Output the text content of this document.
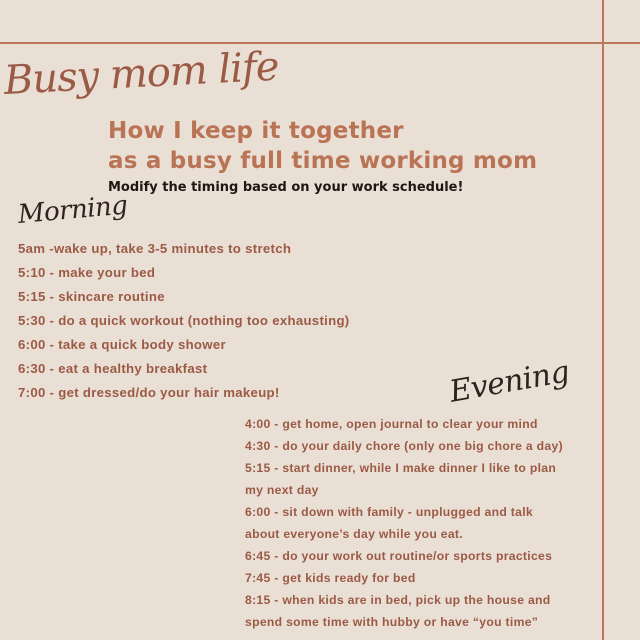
Busy mom life
How I keep it together
as a busy full time working mom
Modify the timing based on your work schedule!
Morning
5am -wake up, take 3-5 minutes to stretch
5:10 - make your bed
5:15 - skincare routine
5:30 - do a quick workout (nothing too exhausting)
6:00 - take a quick body shower
6:30 - eat a healthy breakfast
7:00 - get dressed/do your hair makeup!	Evening
4:00 - get home, open journal to clear your mind
4:30 - do your daily chore (only one big chore a day)
5:15 - start dinner, while I make dinner I like to plan
my next day
6:00 - sit down with family - unplugged and talk
about everyone’s day while you eat.
6:45 - do your work out routine/or sports practices
7:45 - get kids ready for bed
8:15 - when kids are in bed, pick up the house and
spend some time with hubby or have “you time”
